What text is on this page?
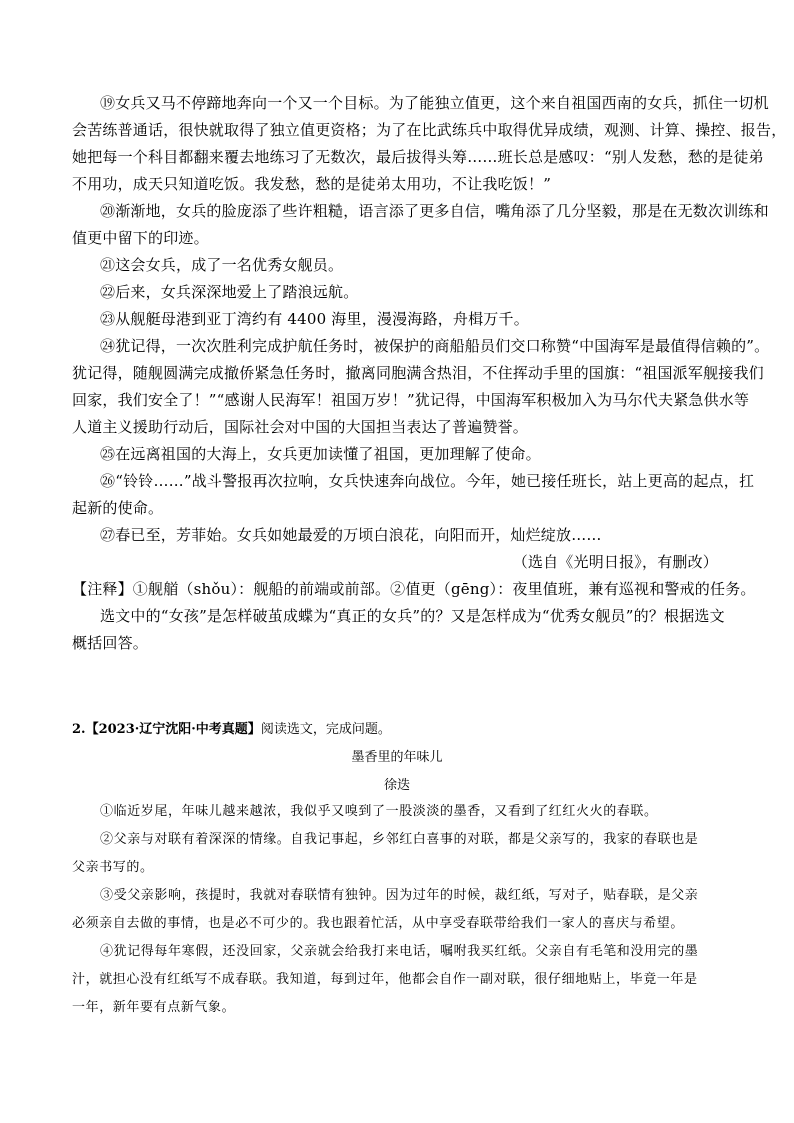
⑲女兵又马不停蹄地奔向一个又一个目标。为了能独立值更，这个来自祖国西南的女兵，抓住一切机
会苦练普通话，很快就取得了独立值更资格；为了在比武练兵中取得优异成绩，观测、计算、操控、报告，
她把每一个科目都翻来覆去地练习了无数次，最后拔得头筹……班长总是感叹：“别人发愁，愁的是徒弟
不用功，成天只知道吃饭。我发愁，愁的是徒弟太用功，不让我吃饭！”
⑳渐渐地，女兵的脸庞添了些许粗糙，语言添了更多自信，嘴角添了几分坚毅，那是在无数次训练和
值更中留下的印迹。
㉑这会女兵，成了一名优秀女舰员。
㉒后来，女兵深深地爱上了踏浪远航。
㉓从舰艇母港到亚丁湾约有 4400 海里，漫漫海路，舟楫万千。
㉔犹记得，一次次胜利完成护航任务时，被保护的商船船员们交口称赞“中国海军是最值得信赖的”。
犹记得，随舰圆满完成撤侨紧急任务时，撤离同胞满含热泪，不住挥动手里的国旗：“祖国派军舰接我们
回家，我们安全了！”“感谢人民海军！祖国万岁！”犹记得，中国海军积极加入为马尔代夫紧急供水等
人道主义援助行动后，国际社会对中国的大国担当表达了普遍赞誉。
㉕在远离祖国的大海上，女兵更加读懂了祖国，更加理解了使命。
㉖“铃铃……”战斗警报再次拉响，女兵快速奔向战位。今年，她已接任班长，站上更高的起点，扛
起新的使命。
㉗春已至，芳菲始。女兵如她最爱的万顷白浪花，向阳而开，灿烂绽放……
（选自《光明日报》，有删改）
【注释】①舰艏（shǒu）：舰船的前端或前部。②值更（gēng）：夜里值班，兼有巡视和警戒的任务。
选文中的“女孩”是怎样破茧成蝶为“真正的女兵”的？又是怎样成为“优秀女舰员”的？根据选文
概括回答。
2.【2023·辽宁沈阳·中考真题】阅读选文，完成问题。
墨香里的年味儿
徐迭
①临近岁尾，年味儿越来越浓，我似乎又嗅到了一股淡淡的墨香，又看到了红红火火的春联。
②父亲与对联有着深深的情缘。自我记事起，乡邻红白喜事的对联，都是父亲写的，我家的春联也是
父亲书写的。
③受父亲影响，孩提时，我就对春联情有独钟。因为过年的时候，裁红纸，写对子，贴春联，是父亲
必须亲自去做的事情，也是必不可少的。我也跟着忙活，从中享受春联带给我们一家人的喜庆与希望。
④犹记得每年寒假，还没回家，父亲就会给我打来电话，嘱咐我买红纸。父亲自有毛笔和没用完的墨
汁，就担心没有红纸写不成春联。我知道，每到过年，他都会自作一副对联，很仔细地贴上，毕竟一年是
一年，新年要有点新气象。
